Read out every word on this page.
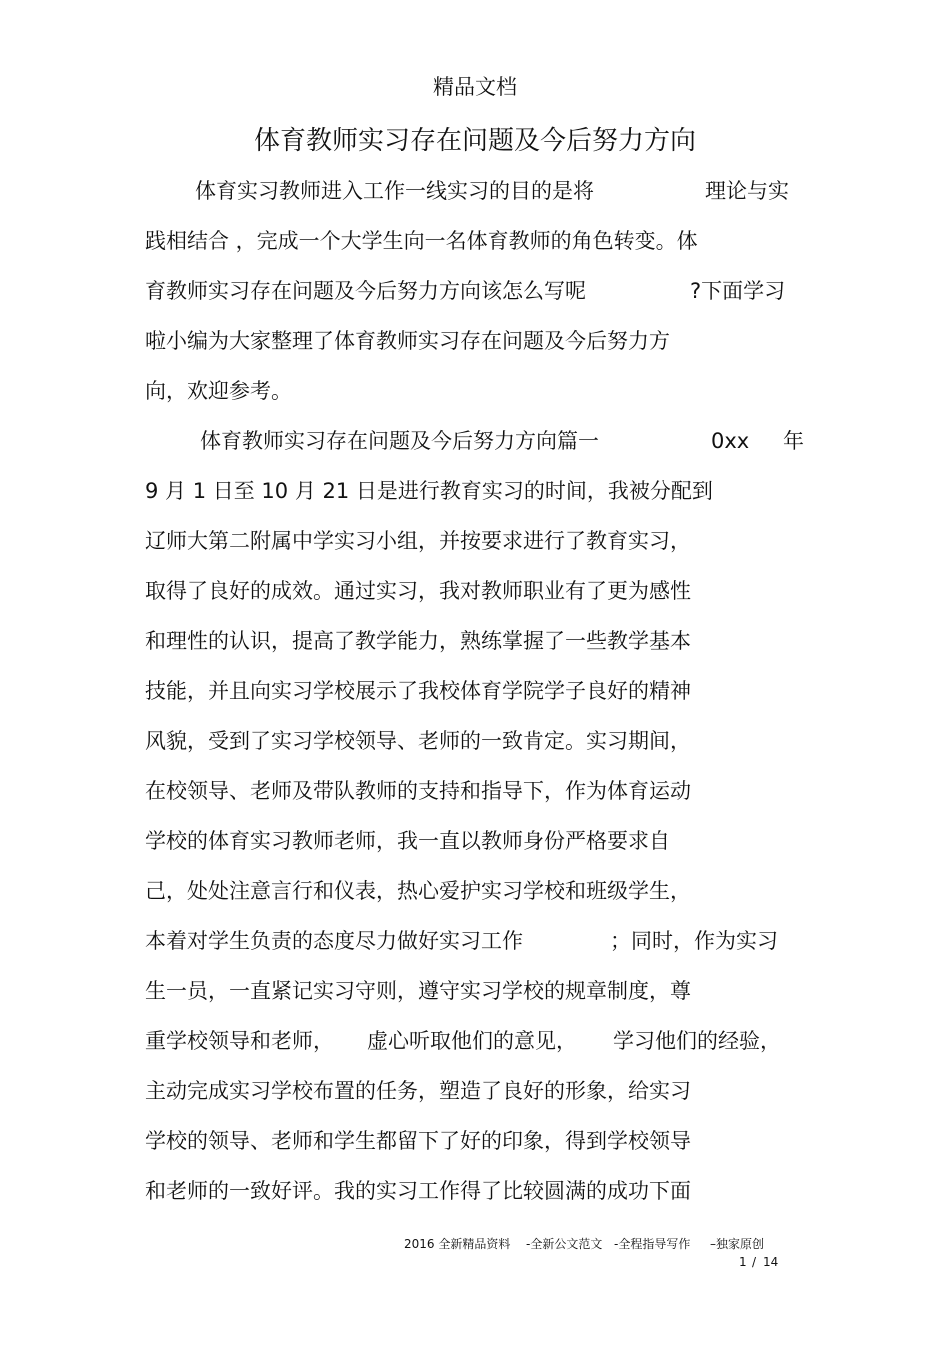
精品文档
体育教师实习存在问题及今后努力方向
体育实习教师进入工作一线实习的目的是将	理论与实
践相结合 ，完成一个大学生向一名体育教师的角色转变。体
育教师实习存在问题及今后努力方向该怎么写呢	?下面学习
啦小编为大家整理了体育教师实习存在问题及今后努力方
向，欢迎参考。
体育教师实习存在问题及今后努力方向篇一	0xx 年
9 月 1 日至 10 月 21 日是进行教育实习的时间，我被分配到
辽师大第二附属中学实习小组，并按要求进行了教育实习，
取得了良好的成效。通过实习，我对教师职业有了更为感性
和理性的认识，提高了教学能力，熟练掌握了一些教学基本
技能，并且向实习学校展示了我校体育学院学子良好的精神
风貌，受到了实习学校领导、老师的一致肯定。实习期间，
在校领导、老师及带队教师的支持和指导下，作为体育运动
学校的体育实习教师老师，我一直以教师身份严格要求自
己，处处注意言行和仪表，热心爱护实习学校和班级学生，
本着对学生负责的态度尽力做好实习工作	；同时，作为实习
生一员，一直紧记实习守则，遵守实习学校的规章制度，尊
重学校领导和老师， 虚心听取他们的意见， 学习他们的经验，
主动完成实习学校布置的任务，塑造了良好的形象，给实习
学校的领导、老师和学生都留下了好的印象，得到学校领导
和老师的一致好评。我的实习工作得了比较圆满的成功下面
2016 全新精品资料 -全新公文范文 -全程指导写作 –独家原创
1 / 14
